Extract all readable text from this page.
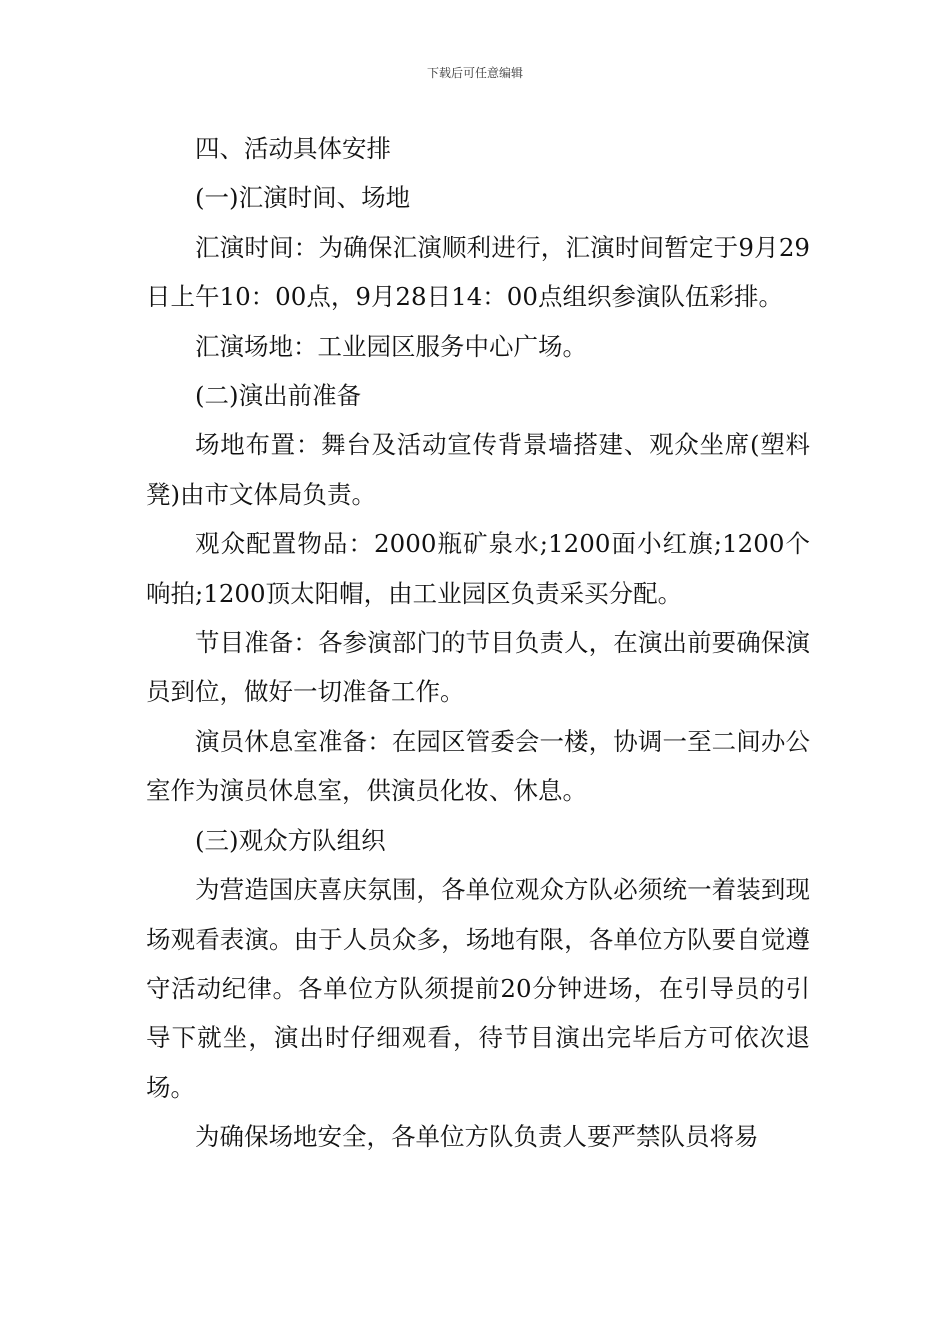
下载后可任意编辑

四、活动具体安排

(一)汇演时间、场地

汇演时间：为确保汇演顺利进行，汇演时间暂定于9月29日上午10：00点，9月28日14：00点组织参演队伍彩排。

汇演场地：工业园区服务中心广场。

(二)演出前准备

场地布置：舞台及活动宣传背景墙搭建、观众坐席(塑料凳)由市文体局负责。

观众配置物品：2000瓶矿泉水;1200面小红旗;1200个响拍;1200顶太阳帽，由工业园区负责采买分配。

节目准备：各参演部门的节目负责人，在演出前要确保演员到位，做好一切准备工作。

演员休息室准备：在园区管委会一楼，协调一至二间办公室作为演员休息室，供演员化妆、休息。

(三)观众方队组织

为营造国庆喜庆氛围，各单位观众方队必须统一着装到现场观看表演。由于人员众多，场地有限，各单位方队要自觉遵守活动纪律。各单位方队须提前20分钟进场，在引导员的引导下就坐，演出时仔细观看，待节目演出完毕后方可依次退场。

为确保场地安全，各单位方队负责人要严禁队员将易
